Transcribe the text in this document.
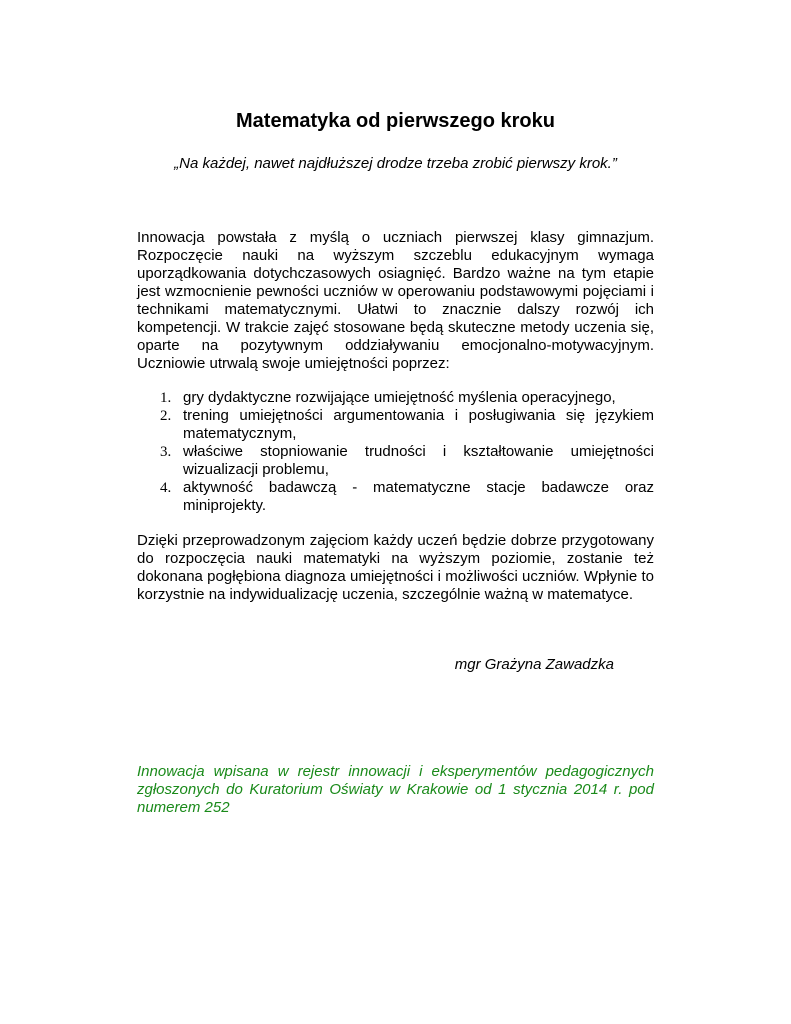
Matematyka od pierwszego kroku
„Na każdej, nawet najdłuższej drodze trzeba zrobić pierwszy krok.”

Innowacja powstała z myślą o uczniach pierwszej klasy gimnazjum. Rozpoczęcie nauki na wyższym szczeblu edukacyjnym wymaga uporządkowania dotychczasowych osiagnięć. Bardzo ważne na tym etapie jest wzmocnienie pewności uczniów w operowaniu podstawowymi pojęciami i technikami matematycznymi. Ułatwi to znacznie dalszy rozwój ich kompetencji. W trakcie zajęć stosowane będą skuteczne metody uczenia się, oparte na pozytywnym oddziaływaniu emocjonalno-motywacyjnym. Uczniowie utrwalą swoje umiejętności poprzez:

1. gry dydaktyczne rozwijające umiejętność myślenia operacyjnego,
2. trening umiejętności argumentowania i posługiwania się językiem matematycznym,
3. właściwe stopniowanie trudności i kształtowanie umiejętności wizualizacji problemu,
4. aktywność badawczą - matematyczne stacje badawcze oraz miniprojekty.

Dzięki przeprowadzonym zajęciom każdy uczeń będzie dobrze przygotowany do rozpoczęcia nauki matematyki na wyższym poziomie, zostanie też dokonana pogłębiona diagnoza umiejętności i możliwości uczniów. Wpłynie to korzystnie na indywidualizację uczenia, szczególnie ważną w matematyce.

mgr Grażyna Zawadzka

Innowacja wpisana w rejestr innowacji i eksperymentów pedagogicznych zgłoszonych do Kuratorium Oświaty w Krakowie od 1 stycznia 2014 r. pod numerem 252
